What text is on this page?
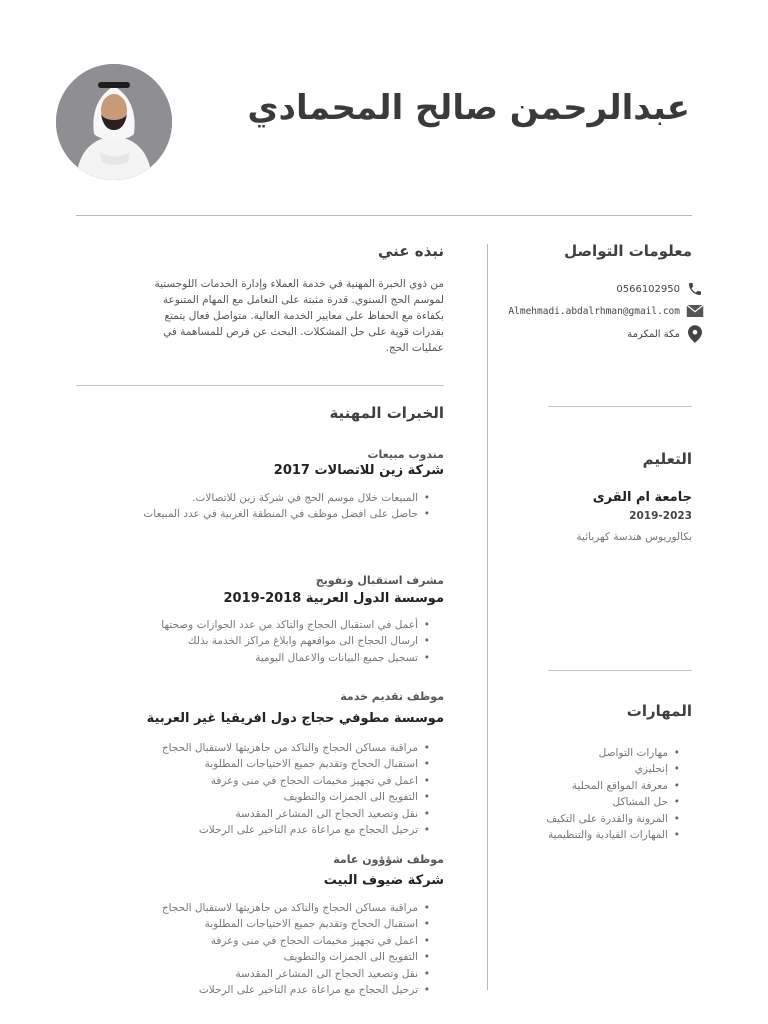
عبدالرحمن صالح المحمادي
معلومات التواصل
0566102950
Almehmadi.abdalrhman@gmail.com
مكة المكرمة
التعليم
جامعة ام القرى
2019-2023
بكالوريوس هندسة كهربائية
المهارات
• مهارات التواصل
• إنجليزي
• معرفة المواقع المحلية
• حل المشاكل
• المرونة والقدرة على التكيف
• المهارات القيادية والتنظيمية
نبذه عني
من ذوي الخبرة المهنية في خدمة العملاء وإدارة الخدمات اللوجستية
لموسم الحج السنوي. قدرة مثبتة على التعامل مع المهام المتنوعة
بكفاءة مع الحفاظ على معايير الخدمة العالية. متواصل فعال يتمتع
بقدرات قوية على حل المشكلات. البحث عن فرص للمساهمة في
عمليات الحج.
الخبرات المهنية
مندوب مبيعات
شركة زين للاتصالات 2017
• المبيعات خلال موسم الحج في شركة زين للاتصالات.
• حاصل على افضل موظف في المنطقة الغربية في عدد المبيعات
مشرف استقبال وتفويج
موسسة الدول العربية 2018-2019
• أعمل في استقبال الحجاج والتاكد من عدد الجوازات وصحتها
• ارسال الحجاج الى مواقعهم وابلاغ مراكز الخدمة بذلك
• تسجيل جميع البيانات والاعمال اليومية
موظف تقديم خدمة
موسسة مطوفي حجاج دول افريقيا غير العربية
• مراقبة مساكن الحجاج والتاكد من جاهزيتها لاستقبال الحجاج
• استقبال الحجاج وتقديم جميع الاحتياجات المطلوبة
• اعمل في تجهيز مخيمات الحجاج في منى وعرفة
• التفويج الى الجمرات والتطويف
• نقل وتصعيد الحجاج الى المشاعر المقدسة
• ترحيل الحجاج مع مراعاة عدم التاخير على الرحلات
موظف شؤؤون عامة
شركة ضيوف البيت
• مراقبة مساكن الحجاج والتاكد من جاهزيتها لاستقبال الحجاج
• استقبال الحجاج وتقديم جميع الاحتياجات المطلوبة
• اعمل في تجهيز مخيمات الحجاج في منى وعرفة
• التفويج الى الجمرات والتطويف
• نقل وتصعيد الحجاج الى المشاعر المقدسة
• ترحيل الحجاج مع مراعاة عدم التاخير على الرحلات
